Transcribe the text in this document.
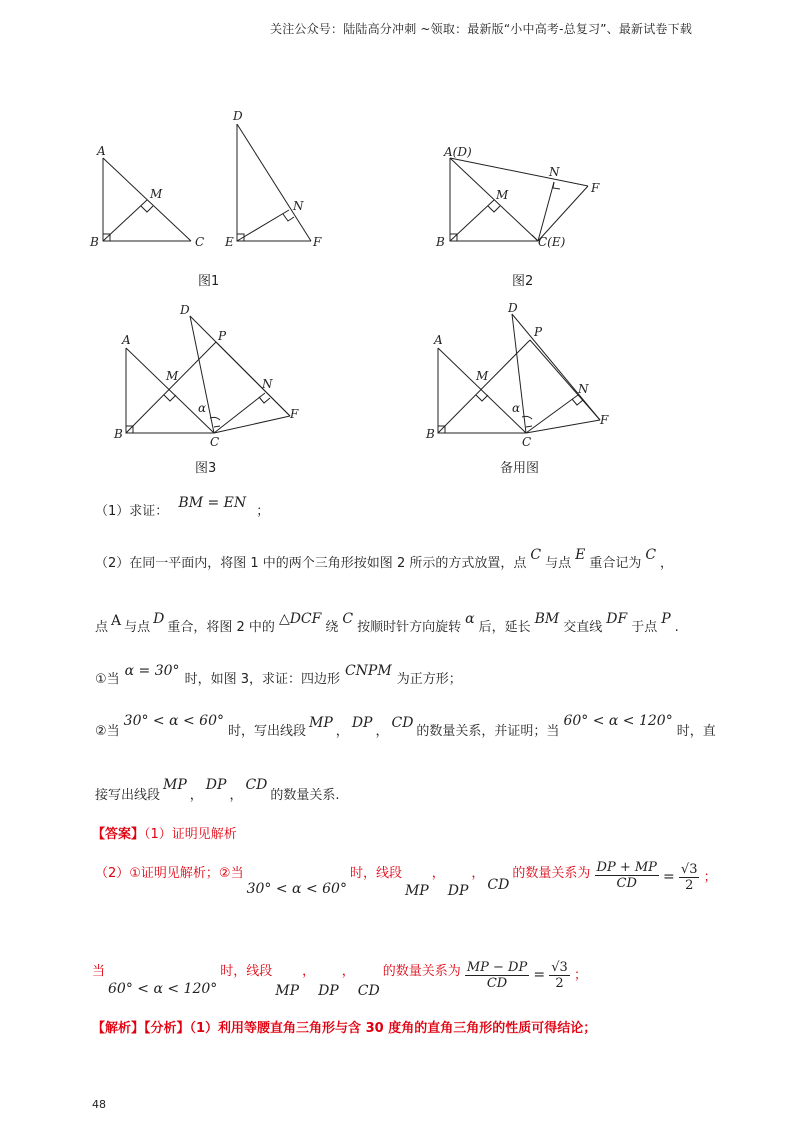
关注公众号：陆陆高分冲刺 ~领取：最新版“小中高考-总复习”、最新试卷下载
A
B	C
M
D
E	F
N
图1
A(D)
B	C(E)
M
N
F
图2
D
P
A
M
N
α	F
B
C
图3
D
P
A
M
N
α
F
B
C
备用图
（1）求证： BM = EN ；
（2）在同一平面内，将图 1 中的两个三角形按如图 2 所示的方式放置，点C与点E重合记为C，
点 A 与点D重合，将图 2 中的△DCF绕C按顺时针方向旋转α后，延长BM交直线DF于点P.
①当α = 30°时，如图 3，求证：四边形CNPM为正方形；
②当30° < α < 60°时，写出线段MP，DP，CD的数量关系，并证明；当60° < α < 120°时，直
接写出线段MP，DP，CD的数量关系.
【答案】（1）证明见解析
（2）①证明见解析；②当30° < α < 60°时，线段MP，DP，CD的数量关系为 $\frac{DP + MP}{CD} = \frac{√3}{2}$ ；
当60° < α < 120°时，线段MP，DP，CD的数量关系为 $\frac{MP - DP}{CD} = \frac{√3}{2}$ ；
【解析】【分析】（1）利用等腰直角三角形与含 30 度角的直角三角形的性质可得结论；
48
